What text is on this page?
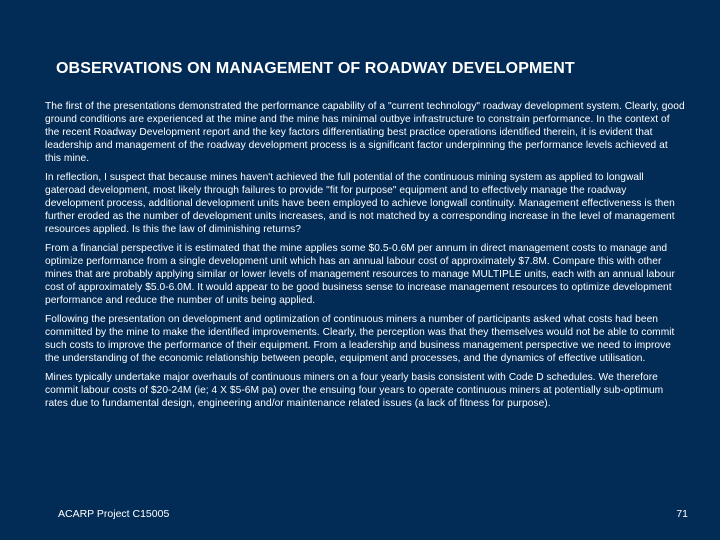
OBSERVATIONS ON MANAGEMENT OF ROADWAY DEVELOPMENT

The first of the presentations demonstrated the performance capability of a "current technology" roadway development system. Clearly, good ground conditions are experienced at the mine and the mine has minimal outbye infrastructure to constrain performance. In the context of the recent Roadway Development report and the key factors differentiating best practice operations identified therein, it is evident that leadership and management of the roadway development process is a significant factor underpinning the performance levels achieved at this mine.

In reflection, I suspect that because mines haven't achieved the full potential of the continuous mining system as applied to longwall gateroad development, most likely through failures to provide "fit for purpose" equipment and to effectively manage the roadway development process, additional development units have been employed to achieve longwall continuity. Management effectiveness is then further eroded as the number of development units increases, and is not matched by a corresponding increase in the level of management resources applied. Is this the law of diminishing returns?

From a financial perspective it is estimated that the mine applies some $0.5-0.6M per annum in direct management costs to manage and optimize performance from a single development unit which has an annual labour cost of approximately $7.8M. Compare this with other mines that are probably applying similar or lower levels of management resources to manage MULTIPLE units, each with an annual labour cost of approximately $5.0-6.0M. It would appear to be good business sense to increase management resources to optimize development performance and reduce the number of units being applied.

Following the presentation on development and optimization of continuous miners a number of participants asked what costs had been committed by the mine to make the identified improvements. Clearly, the perception was that they themselves would not be able to commit such costs to improve the performance of their equipment. From a leadership and business management perspective we need to improve the understanding of the economic relationship between people, equipment and processes, and the dynamics of effective utilisation.

Mines typically undertake major overhauls of continuous miners on a four yearly basis consistent with Code D schedules. We therefore commit labour costs of $20-24M (ie; 4 X $5-6M pa) over the ensuing four years to operate continuous miners at potentially sub-optimum rates due to fundamental design, engineering and/or maintenance related issues (a lack of fitness for purpose).

ACARP Project C15005	71
